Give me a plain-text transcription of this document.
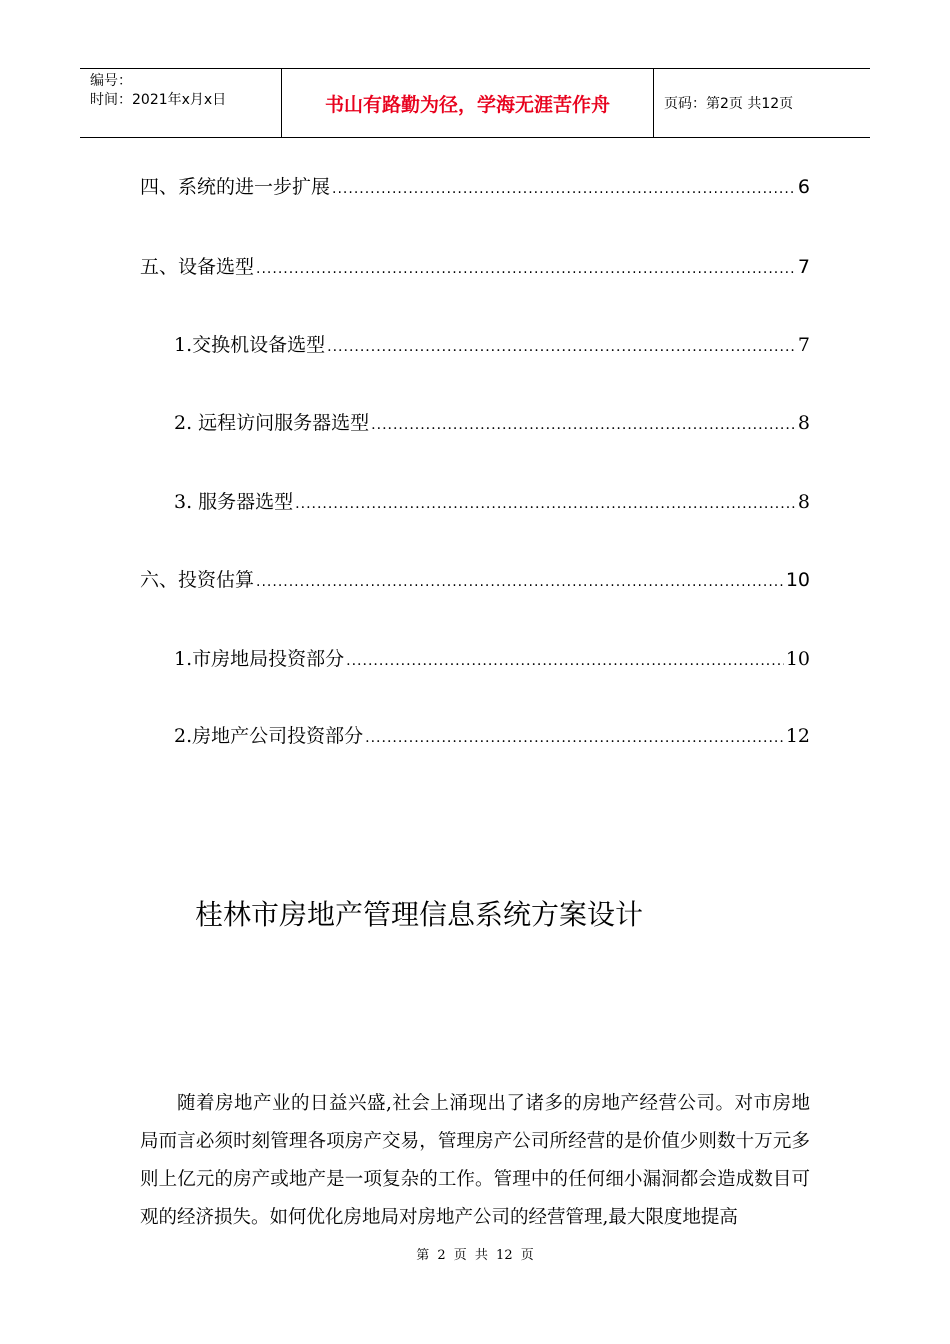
编号：
时间：2021年x月x日	书山有路勤为径，学海无涯苦作舟	页码：第2页 共12页
四、系统的进一步扩展 .....	6
五、设备选型 .....	7
1.交换机设备选型 .....	7
2. 远程访问服务器选型 .....	8
3. 服务器选型 .....	8
六、投资估算 .....	10
1.市房地局投资部分 .....	10
2.房地产公司投资部分 .....	12
桂林市房地产管理信息系统方案设计
随着房地产业的日益兴盛,社会上涌现出了诸多的房地产经营公司。对市房地局而言必须时刻管理各项房产交易，管理房产公司所经营的是价值少则数十万元多则上亿元的房产或地产是一项复杂的工作。管理中的任何细小漏洞都会造成数目可观的经济损失。如何优化房地局对房地产公司的经营管理,最大限度地提高
第 2 页 共 12 页
